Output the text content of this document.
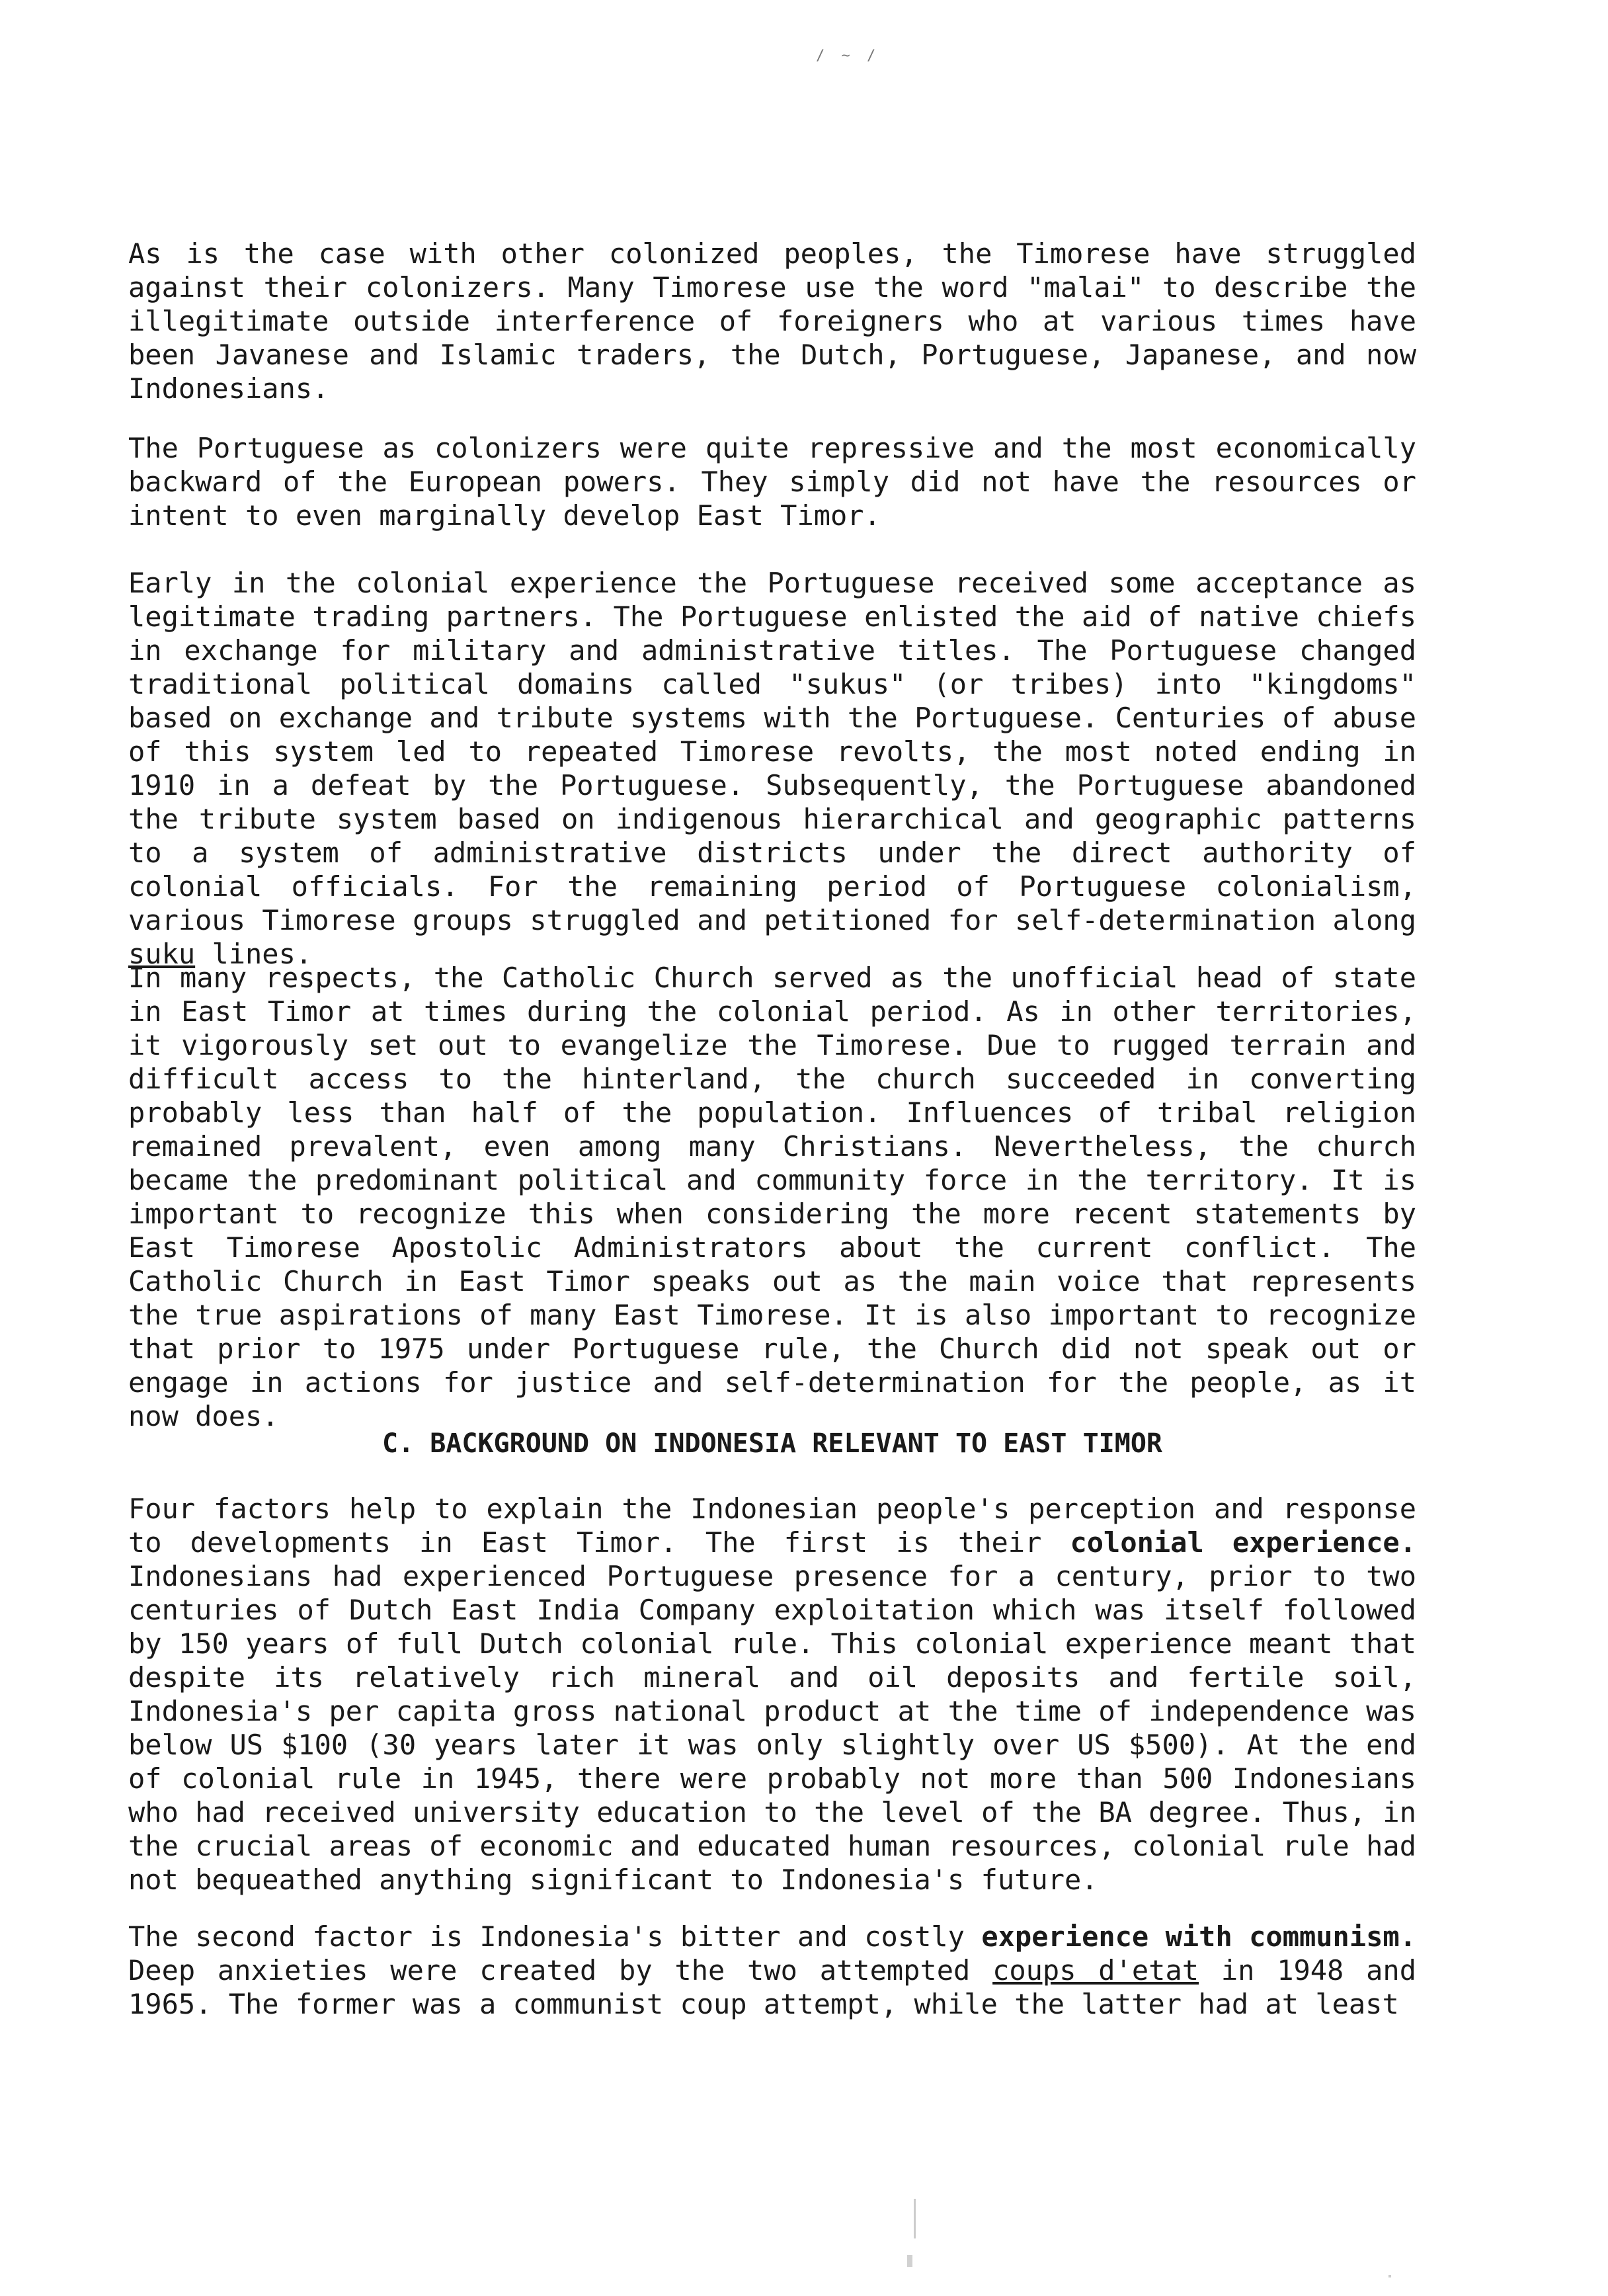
/ ~ /

As is the case with other colonized peoples, the Timorese have struggled against their colonizers. Many Timorese use the word "malai" to describe the illegitimate outside interference of foreigners who at various times have been Javanese and Islamic traders, the Dutch, Portuguese, Japanese, and now Indonesians.

The Portuguese as colonizers were quite repressive and the most economically backward of the European powers. They simply did not have the resources or intent to even marginally develop East Timor.

Early in the colonial experience the Portuguese received some acceptance as legitimate trading partners. The Portuguese enlisted the aid of native chiefs in exchange for military and administrative titles. The Portuguese changed traditional political domains called "sukus" (or tribes) into "kingdoms" based on exchange and tribute systems with the Portuguese. Centuries of abuse of this system led to repeated Timorese revolts, the most noted ending in 1910 in a defeat by the Portuguese. Subsequently, the Portuguese abandoned the tribute system based on indigenous hierarchical and geographic patterns to a system of administrative districts under the direct authority of colonial officials. For the remaining period of Portuguese colonialism, various Timorese groups struggled and petitioned for self-determination along suku lines.

In many respects, the Catholic Church served as the unofficial head of state in East Timor at times during the colonial period. As in other territories, it vigorously set out to evangelize the Timorese. Due to rugged terrain and difficult access to the hinterland, the church succeeded in converting probably less than half of the population. Influences of tribal religion remained prevalent, even among many Christians. Nevertheless, the church became the predominant political and community force in the territory. It is important to recognize this when considering the more recent statements by East Timorese Apostolic Administrators about the current conflict. The Catholic Church in East Timor speaks out as the main voice that represents the true aspirations of many East Timorese. It is also important to recognize that prior to 1975 under Portuguese rule, the Church did not speak out or engage in actions for justice and self-determination for the people, as it now does.

C. BACKGROUND ON INDONESIA RELEVANT TO EAST TIMOR

Four factors help to explain the Indonesian people's perception and response to developments in East Timor. The first is their colonial experience. Indonesians had experienced Portuguese presence for a century, prior to two centuries of Dutch East India Company exploitation which was itself followed by 150 years of full Dutch colonial rule. This colonial experience meant that despite its relatively rich mineral and oil deposits and fertile soil, Indonesia's per capita gross national product at the time of independence was below US $100 (30 years later it was only slightly over US $500). At the end of colonial rule in 1945, there were probably not more than 500 Indonesians who had received university education to the level of the BA degree. Thus, in the crucial areas of economic and educated human resources, colonial rule had not bequeathed anything significant to Indonesia's future.

The second factor is Indonesia's bitter and costly experience with communism. Deep anxieties were created by the two attempted coups d'etat in 1948 and 1965. The former was a communist coup attempt, while the latter had at least
